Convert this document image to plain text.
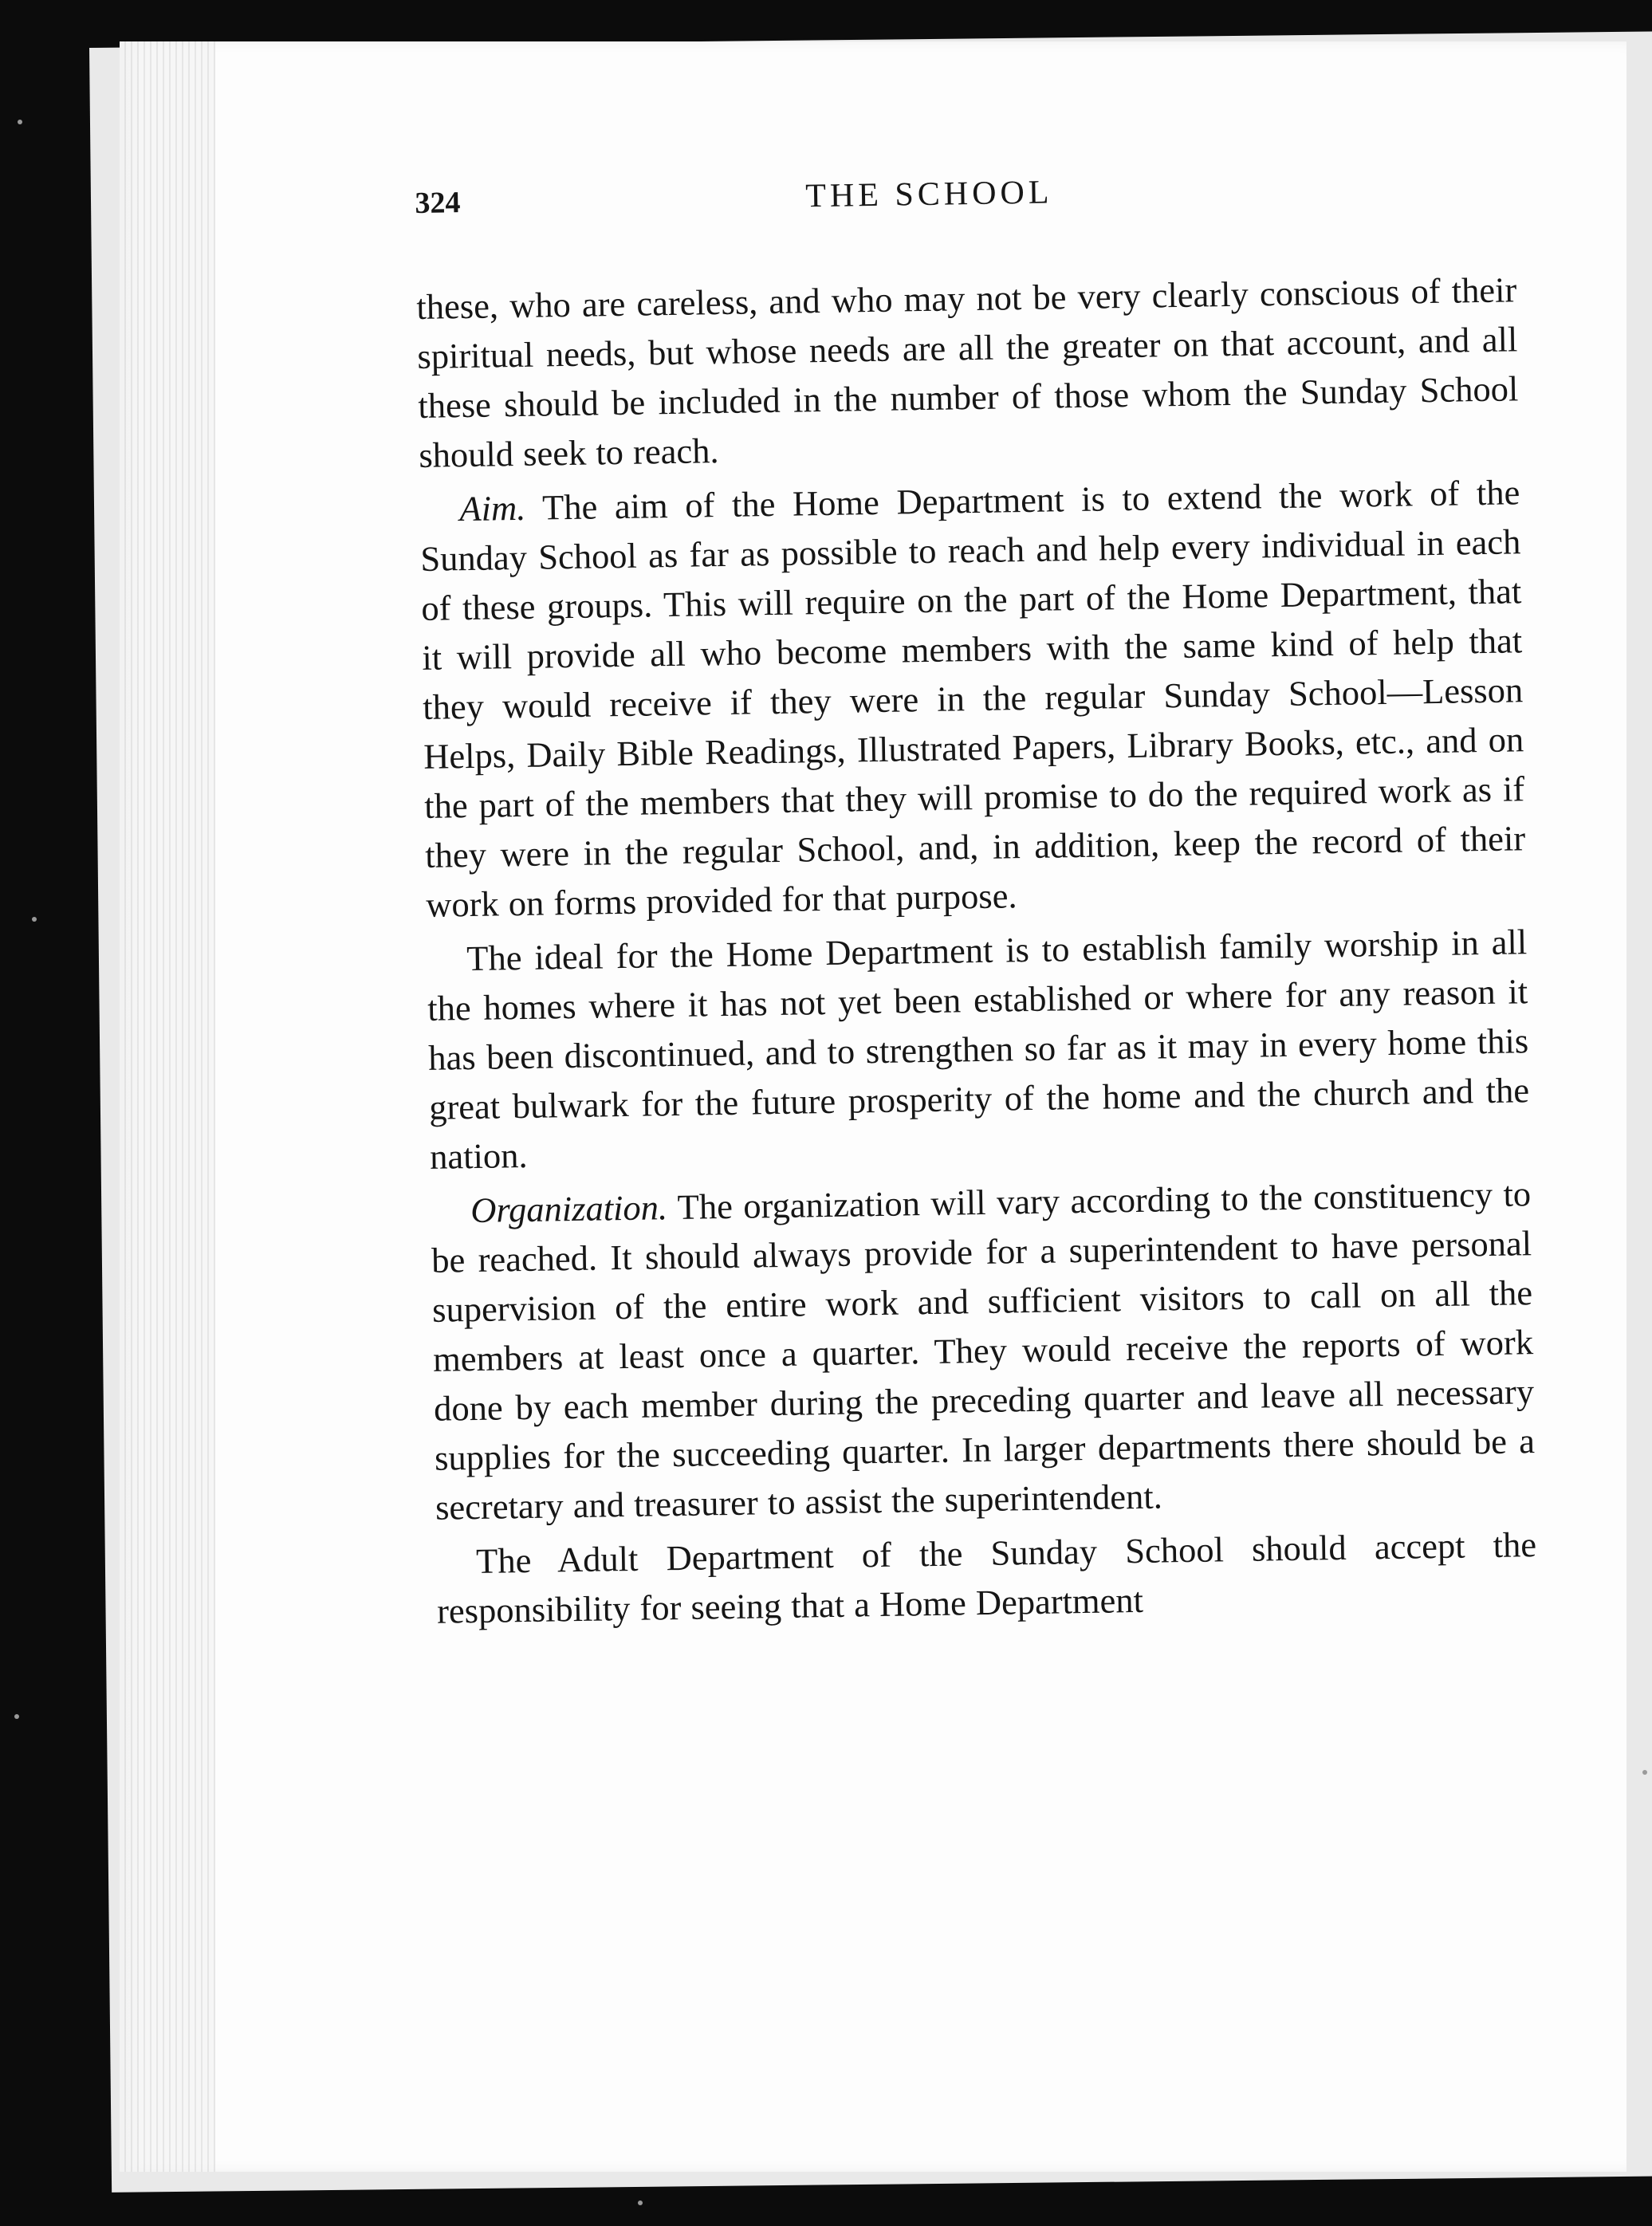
324	THE SCHOOL

these, who are careless, and who may not be very clearly conscious of their spiritual needs, but whose needs are all the greater on that account, and all these should be included in the number of those whom the Sunday School should seek to reach.

Aim. The aim of the Home Department is to extend the work of the Sunday School as far as possible to reach and help every individual in each of these groups. This will require on the part of the Home Department, that it will provide all who become members with the same kind of help that they would receive if they were in the regular Sunday School—Lesson Helps, Daily Bible Readings, Illustrated Papers, Library Books, etc., and on the part of the members that they will promise to do the required work as if they were in the regular School, and, in addition, keep the record of their work on forms provided for that purpose.

The ideal for the Home Department is to establish family worship in all the homes where it has not yet been established or where for any reason it has been discontinued, and to strengthen so far as it may in every home this great bulwark for the future prosperity of the home and the church and the nation.

Organization. The organization will vary according to the constituency to be reached. It should always provide for a superintendent to have personal supervision of the entire work and sufficient visitors to call on all the members at least once a quarter. They would receive the reports of work done by each member during the preceding quarter and leave all necessary supplies for the succeeding quarter. In larger departments there should be a secretary and treasurer to assist the superintendent.

The Adult Department of the Sunday School should accept the responsibility for seeing that a Home Department
